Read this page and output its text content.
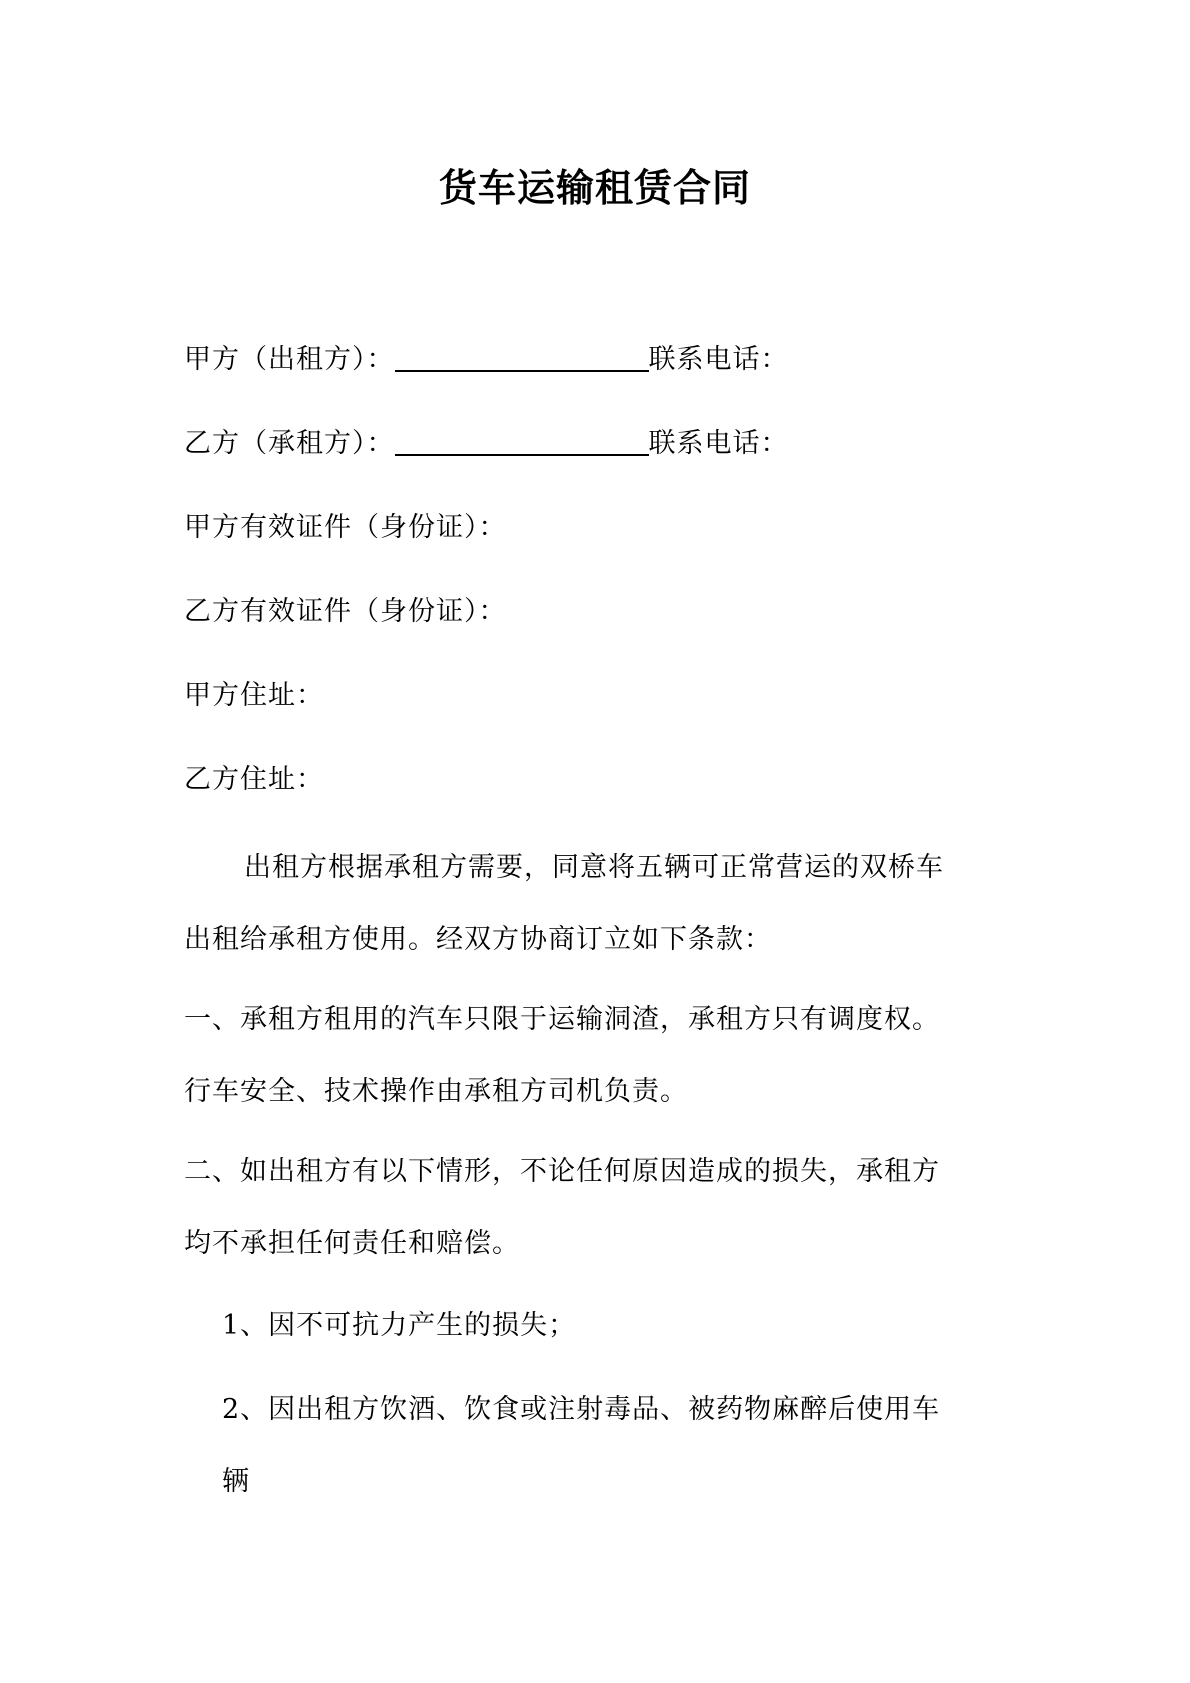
货车运输租赁合同
甲方（出租方）：	联系电话：
乙方（承租方）：	联系电话：
甲方有效证件（身份证）：
乙方有效证件（身份证）：
甲方住址：
乙方住址：
出租方根据承租方需要，同意将五辆可正常营运的双桥车
出租给承租方使用。经双方协商订立如下条款：
一、承租方租用的汽车只限于运输洞渣，承租方只有调度权。
行车安全、技术操作由承租方司机负责。
二、如出租方有以下情形，不论任何原因造成的损失，承租方
均不承担任何责任和赔偿。
1、因不可抗力产生的损失；
2、因出租方饮酒、饮食或注射毒品、被药物麻醉后使用车
辆
